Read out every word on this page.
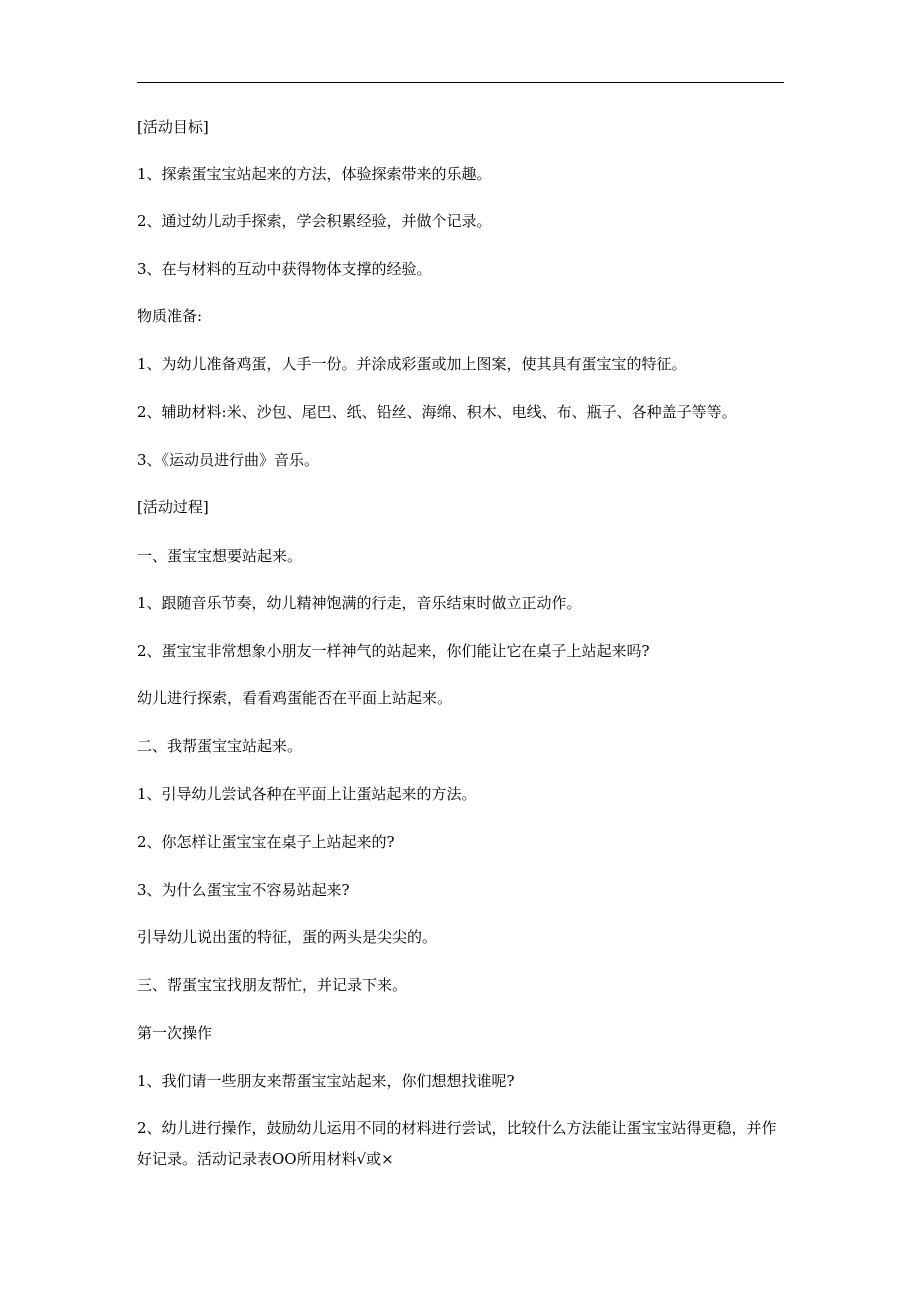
[活动目标]
1、探索蛋宝宝站起来的方法，体验探索带来的乐趣。
2、通过幼儿动手探索，学会积累经验，并做个记录。
3、在与材料的互动中获得物体支撑的经验。
物质准备:
1、为幼儿准备鸡蛋，人手一份。并涂成彩蛋或加上图案，使其具有蛋宝宝的特征。
2、辅助材料:米、沙包、尾巴、纸、铅丝、海绵、积木、电线、布、瓶子、各种盖子等等。
3、《运动员进行曲》音乐。
[活动过程]
一、蛋宝宝想要站起来。
1、跟随音乐节奏，幼儿精神饱满的行走，音乐结束时做立正动作。
2、蛋宝宝非常想象小朋友一样神气的站起来，你们能让它在桌子上站起来吗?
幼儿进行探索，看看鸡蛋能否在平面上站起来。
二、我帮蛋宝宝站起来。
1、引导幼儿尝试各种在平面上让蛋站起来的方法。
2、你怎样让蛋宝宝在桌子上站起来的?
3、为什么蛋宝宝不容易站起来?
引导幼儿说出蛋的特征，蛋的两头是尖尖的。
三、帮蛋宝宝找朋友帮忙，并记录下来。
第一次操作
1、我们请一些朋友来帮蛋宝宝站起来，你们想想找谁呢?
2、幼儿进行操作，鼓励幼儿运用不同的材料进行尝试，比较什么方法能让蛋宝宝站得更稳，并作好记录。活动记录表OO所用材料√或×
